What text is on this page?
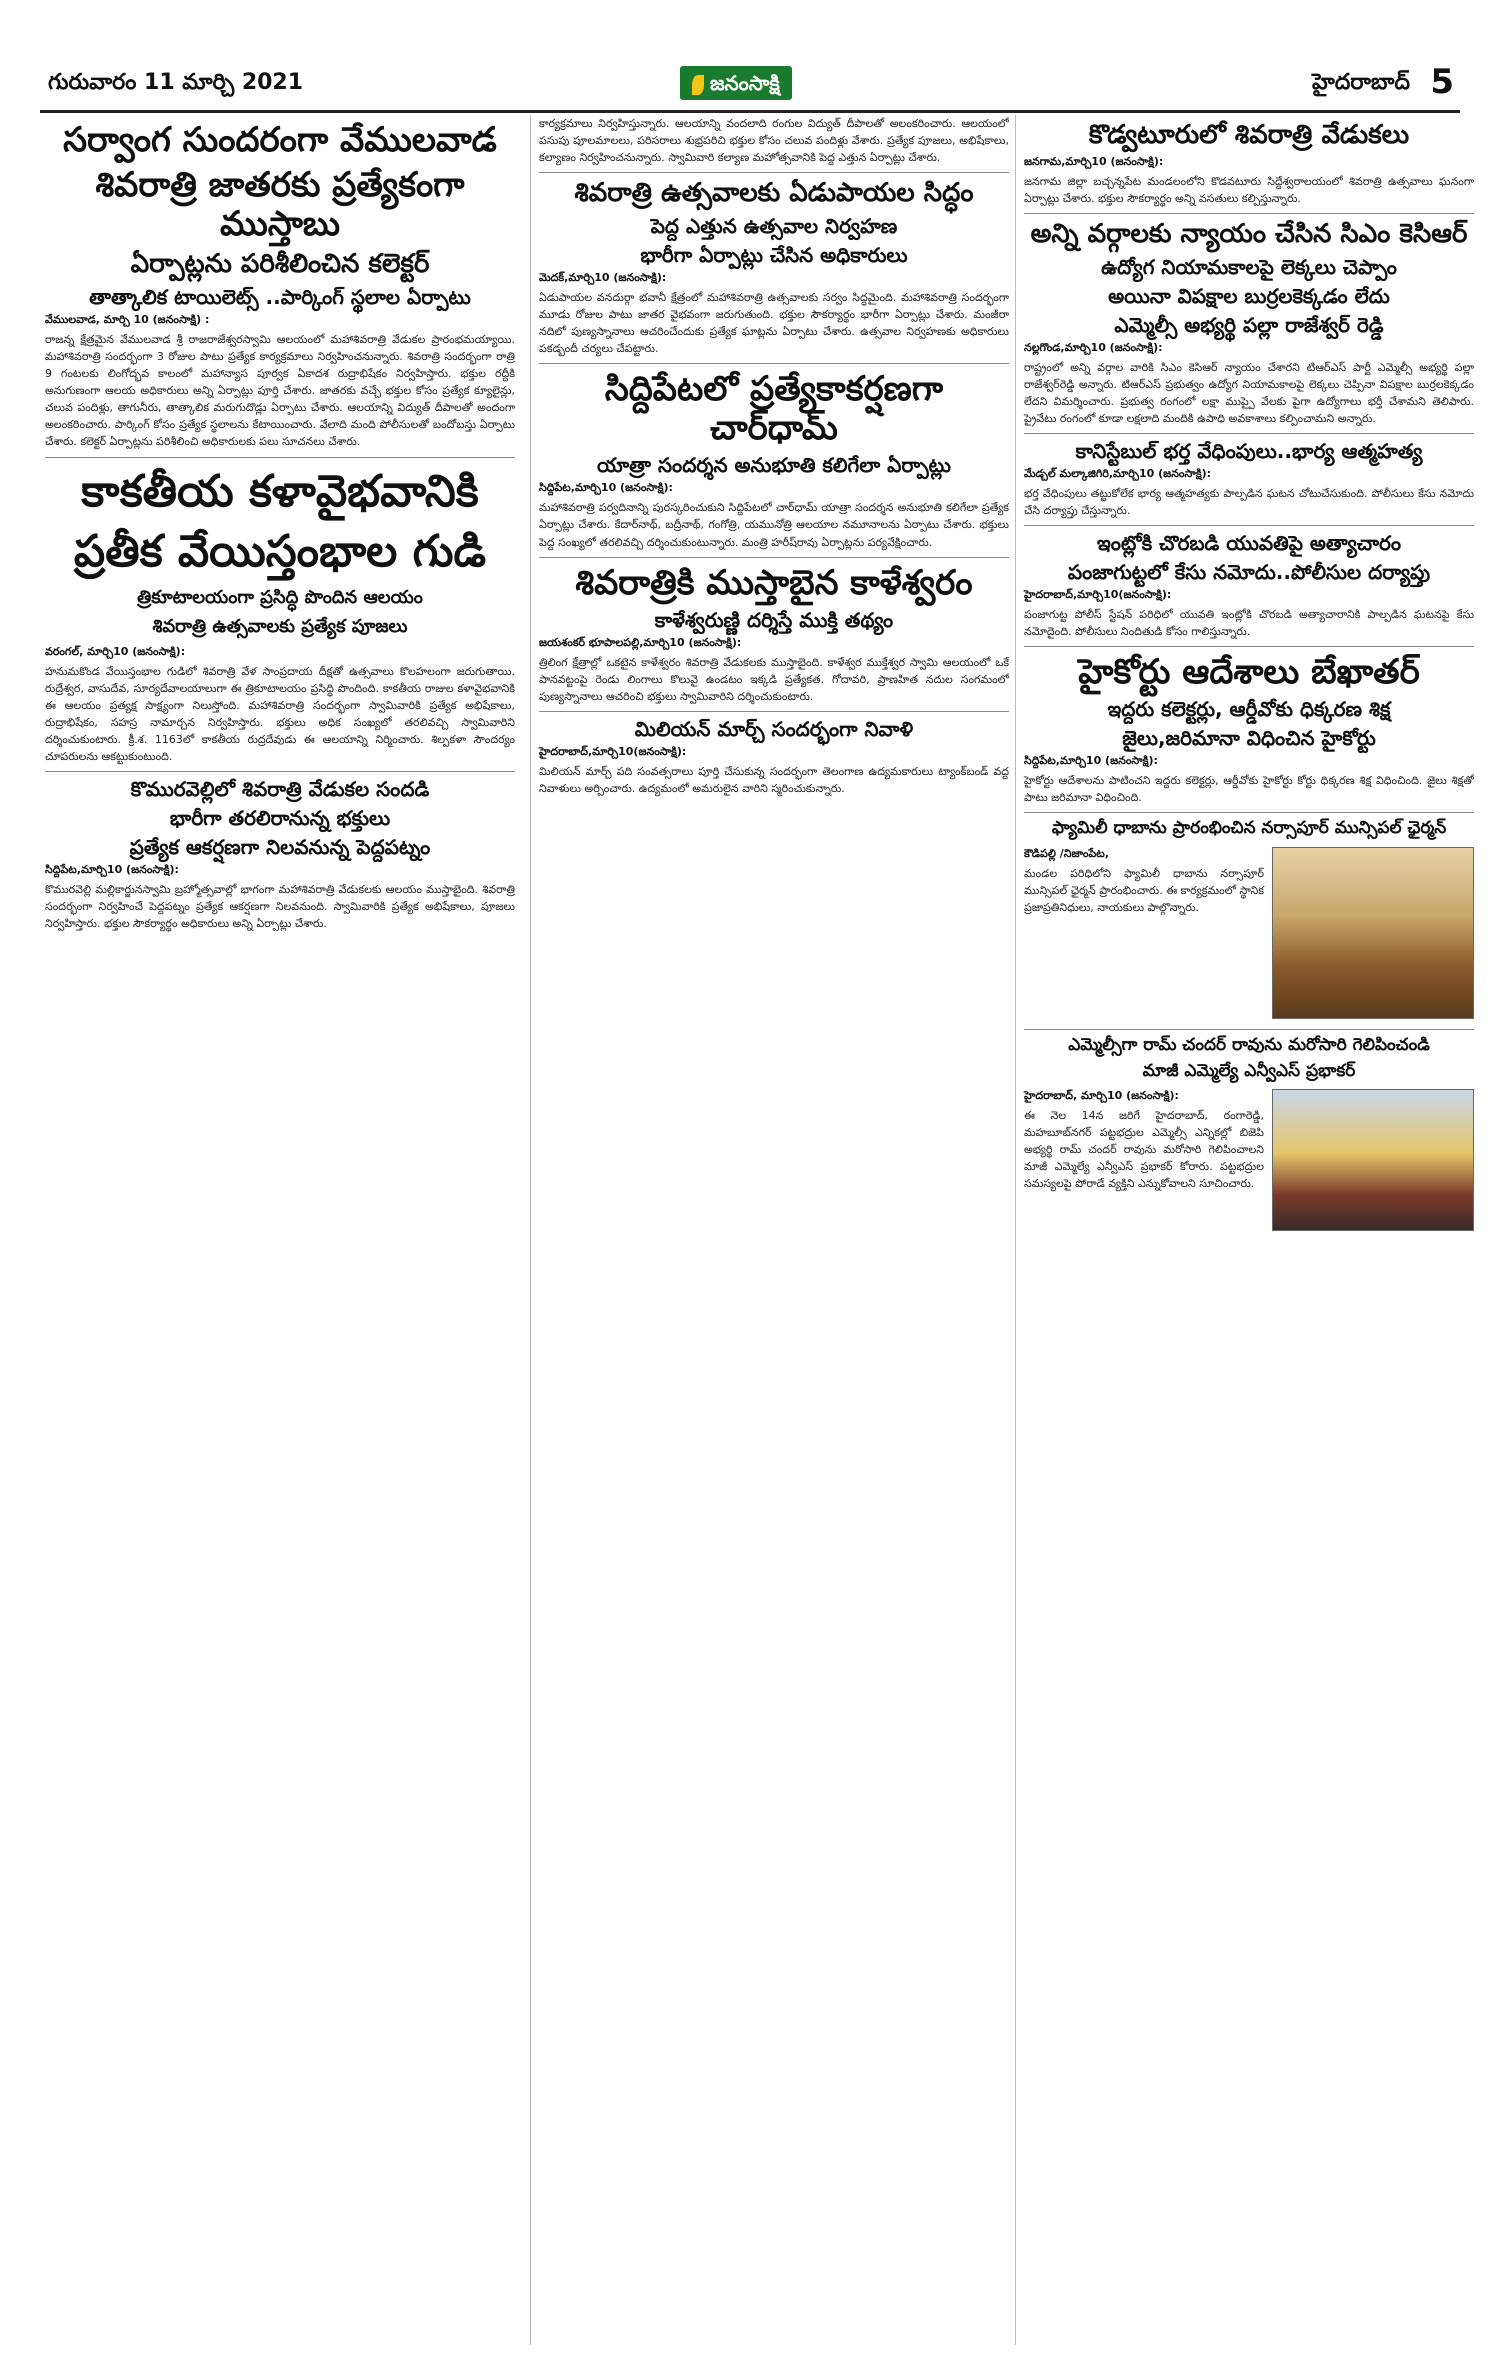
గురువారం 11 మార్చి 2021	జనంసాక్షి	హైదరాబాద్ 5
సర్వాంగ సుందరంగా వేములవాడ
శివరాత్రి జాతరకు ప్రత్యేకంగా ముస్తాబు
ఏర్పాట్లను పరిశీలించిన కలెక్టర్
తాత్కాలిక టాయిలెట్స్ ..పార్కింగ్ స్థలాల ఏర్పాటు
వేములవాడ, మార్చి 10 (జనంసాక్షి) :

రాజన్న క్షేత్రమైన వేములవాడ శ్రీ రాజరాజేశ్వరస్వామి ఆలయంలో మహాశివరాత్రి వేడుకల ప్రారంభమయ్యాయి. మహాశివరాత్రి సందర్భంగా 3 రోజుల పాటు ప్రత్యేక కార్యక్రమాలు నిర్వహించనున్నారు. శివరాత్రి సందర్భంగా రాత్రి 9 గంటలకు లింగోద్భవ కాలంలో మహాన్యాస పూర్వక ఏకాదశ రుద్రాభిషేకం నిర్వహిస్తారు. భక్తుల రద్దీకి అనుగుణంగా ఆలయ అధికారులు అన్ని ఏర్పాట్లు పూర్తి చేశారు. జాతరకు వచ్చే భక్తుల కోసం ప్రత్యేక క్యూలైన్లు, చలువ పందిళ్లు, తాగునీరు, తాత్కాలిక మరుగుదొడ్లు ఏర్పాటు చేశారు. ఆలయాన్ని విద్యుత్ దీపాలతో అందంగా అలంకరించారు. పార్కింగ్ కోసం ప్రత్యేక స్థలాలను కేటాయించారు. వేలాది మంది పోలీసులతో బందోబస్తు ఏర్పాటు చేశారు. కలెక్టర్ ఏర్పాట్లను పరిశీలించి అధికారులకు పలు సూచనలు చేశారు.

కాకతీయ కళావైభవానికి
ప్రతీక వేయిస్తంభాల గుడి
త్రికూటాలయంగా ప్రసిద్ధి పొందిన ఆలయం
శివరాత్రి ఉత్సవాలకు ప్రత్యేక పూజలు
వరంగల్, మార్చి10 (జనంసాక్షి):

హనుమకొండ వేయిస్తంభాల గుడిలో శివరాత్రి వేళ సాంప్రదాయ దీక్షతో ఉత్సవాలు కొలహలంగా జరుగుతాయి. రుద్రేశ్వర, వాసుదేవ, సూర్యదేవాలయాలుగా ఈ త్రికూటాలయం ప్రసిద్ధి పొందింది. కాకతీయ రాజుల కళావైభవానికి ఈ ఆలయం ప్రత్యక్ష సాక్ష్యంగా నిలుస్తోంది. మహాశివరాత్రి సందర్భంగా స్వామివారికి ప్రత్యేక అభిషేకాలు, రుద్రాభిషేకం, సహస్ర నామార్చన నిర్వహిస్తారు. భక్తులు అధిక సంఖ్యలో తరలివచ్చి స్వామివారిని దర్శించుకుంటారు. క్రీ.శ. 1163లో కాకతీయ రుద్రదేవుడు ఈ ఆలయాన్ని నిర్మించారు. శిల్పకళా సౌందర్యం చూపరులను ఆకట్టుకుంటుంది.

కొమురవెల్లిలో శివరాత్రి వేడుకల సందడి
భారీగా తరలిరానున్న భక్తులు
ప్రత్యేక ఆకర్షణగా నిలవనున్న పెద్దపట్నం
సిద్దిపేట,మార్చి10 (జనంసాక్షి):

కొమురవెల్లి మల్లికార్జునస్వామి బ్రహ్మోత్సవాల్లో భాగంగా మహాశివరాత్రి వేడుకలకు ఆలయం ముస్తాబైంది. శివరాత్రి సందర్భంగా నిర్వహించే పెద్దపట్నం ప్రత్యేక ఆకర్షణగా నిలవనుంది. స్వామివారికి ప్రత్యేక అభిషేకాలు, పూజలు నిర్వహిస్తారు. భక్తుల సౌకర్యార్థం అధికారులు అన్ని ఏర్పాట్లు చేశారు.

కార్యక్రమాలు నిర్వహిస్తున్నారు. ఆలయాన్ని వందలాది రంగుల విద్యుత్ దీపాలతో అలంకరించారు. ఆలయంలో పసుపు పూలమాలలు, పరిసరాలు శుభ్రపరిచి భక్తుల కోసం చలువ పందిళ్లు వేశారు. ప్రత్యేక పూజలు, అభిషేకాలు, కల్యాణం నిర్వహించనున్నారు. స్వామివారి కల్యాణ మహోత్సవానికి పెద్ద ఎత్తున ఏర్పాట్లు చేశారు.

శివరాత్రి ఉత్సవాలకు ఏడుపాయల సిద్ధం
పెద్ద ఎత్తున ఉత్సవాల నిర్వహణ
భారీగా ఏర్పాట్లు చేసిన అధికారులు
మెదక్,మార్చి10 (జనంసాక్షి):

ఏడుపాయల వనదుర్గా భవానీ క్షేత్రంలో మహాశివరాత్రి ఉత్సవాలకు సర్వం సిద్ధమైంది. మహాశివరాత్రి సందర్భంగా మూడు రోజుల పాటు జాతర వైభవంగా జరుగుతుంది. భక్తుల సౌకర్యార్థం భారీగా ఏర్పాట్లు చేశారు. మంజీరా నదిలో పుణ్యస్నానాలు ఆచరించేందుకు ప్రత్యేక ఘాట్లను ఏర్పాటు చేశారు. ఉత్సవాల నిర్వహణకు అధికారులు పకడ్బందీ చర్యలు చేపట్టారు.

సిద్దిపేటలో ప్రత్యేకాకర్షణగా చార్‌ధామ్
యాత్రా సందర్శన అనుభూతి కలిగేలా ఏర్పాట్లు
సిద్దిపేట,మార్చి10 (జనంసాక్షి):

మహాశివరాత్రి పర్వదినాన్ని పురస్కరించుకుని సిద్దిపేటలో చార్‌ధామ్ యాత్రా సందర్శన అనుభూతి కలిగేలా ప్రత్యేక ఏర్పాట్లు చేశారు. కేదార్‌నాథ్, బద్రీనాథ్, గంగోత్రి, యమునోత్రి ఆలయాల నమూనాలను ఏర్పాటు చేశారు. భక్తులు పెద్ద సంఖ్యలో తరలివచ్చి దర్శించుకుంటున్నారు. మంత్రి హరీష్‌రావు ఏర్పాట్లను పర్యవేక్షించారు.

శివరాత్రికి ముస్తాబైన కాళేశ్వరం
కాళేశ్వరుణ్ణి దర్శిస్తే ముక్తి తథ్యం
జయశంకర్ భూపాలపల్లి,మార్చి10 (జనంసాక్షి):

త్రిలింగ క్షేత్రాల్లో ఒకటైన కాళేశ్వరం శివరాత్రి వేడుకలకు ముస్తాబైంది. కాళేశ్వర ముక్తేశ్వర స్వామి ఆలయంలో ఒకే పానవట్టంపై రెండు లింగాలు కొలువై ఉండటం ఇక్కడి ప్రత్యేకత. గోదావరి, ప్రాణహిత నదుల సంగమంలో పుణ్యస్నానాలు ఆచరించి భక్తులు స్వామివారిని దర్శించుకుంటారు.

మిలియన్ మార్చ్ సందర్భంగా నివాళి
హైదరాబాద్,మార్చి10(జనంసాక్షి):

మిలియన్ మార్చ్ పది సంవత్సరాలు పూర్తి చేసుకున్న సందర్భంగా తెలంగాణ ఉద్యమకారులు ట్యాంక్‌బండ్ వద్ద నివాళులు అర్పించారు. ఉద్యమంలో అమరులైన వారిని స్మరించుకున్నారు.

కొడ్వటూరులో శివరాత్రి వేడుకలు
జనగామ,మార్చి10 (జనంసాక్షి):

జనగామ జిల్లా బచ్చన్నపేట మండలంలోని కొడవటూరు సిద్దేశ్వరాలయంలో శివరాత్రి ఉత్సవాలు ఘనంగా ఏర్పాట్లు చేశారు. భక్తుల సౌకర్యార్థం అన్ని వసతులు కల్పిస్తున్నారు.

అన్ని వర్గాలకు న్యాయం చేసిన సిఎం కెసిఆర్
ఉద్యోగ నియామకాలపై లెక్కలు చెప్పాం
అయినా విపక్షాల బుర్రలకెక్కడం లేదు
ఎమ్మెల్సీ అభ్యర్థి పల్లా రాజేశ్వర్ రెడ్డి
నల్లగొండ,మార్చి10 (జనంసాక్షి):

రాష్ట్రంలో అన్ని వర్గాల వారికి సిఎం కెసిఆర్ న్యాయం చేశారని టిఆర్ఎస్ పార్టీ ఎమ్మెల్సీ అభ్యర్థి పల్లా రాజేశ్వర్‌రెడ్డి అన్నారు. టిఆర్ఎస్ ప్రభుత్వం ఉద్యోగ నియామకాలపై లెక్కలు చెప్పినా విపక్షాల బుర్రలకెక్కడం లేదని విమర్శించారు. ప్రభుత్వ రంగంలో లక్షా ముప్పై వేలకు పైగా ఉద్యోగాలు భర్తీ చేశామని తెలిపారు. ప్రైవేటు రంగంలో కూడా లక్షలాది మందికి ఉపాధి అవకాశాలు కల్పించామని అన్నారు.

కానిస్టేబుల్ భర్త వేధింపులు..భార్య ఆత్మహత్య
మేడ్చల్ మల్కాజిగిరి,మార్చి10 (జనంసాక్షి):

భర్త వేధింపులు తట్టుకోలేక భార్య ఆత్మహత్యకు పాల్పడిన ఘటన చోటుచేసుకుంది. పోలీసులు కేసు నమోదు చేసి దర్యాప్తు చేస్తున్నారు.

ఇంట్లోకి చొరబడి యువతిపై అత్యాచారం
పంజాగుట్టలో కేసు నమోదు..పోలీసుల దర్యాప్తు
హైదరాబాద్,మార్చి10(జనంసాక్షి):

పంజాగుట్ట పోలీస్ స్టేషన్ పరిధిలో యువతి ఇంట్లోకి చొరబడి అత్యాచారానికి పాల్పడిన ఘటనపై కేసు నమోదైంది. పోలీసులు నిందితుడి కోసం గాలిస్తున్నారు.

హైకోర్టు ఆదేశాలు బేఖాతర్
ఇద్దరు కలెక్టర్లు, ఆర్డీవోకు ధిక్కరణ శిక్ష
జైలు,జరిమానా విధించిన హైకోర్టు
సిద్దిపేట,మార్చి10 (జనంసాక్షి):

హైకోర్టు ఆదేశాలను పాటించని ఇద్దరు కలెక్టర్లు, ఆర్డీవోకు హైకోర్టు కోర్టు ధిక్కరణ శిక్ష విధించింది. జైలు శిక్షతో పాటు జరిమానా విధించింది.

ఫ్యామిలీ ధాబాను ప్రారంభించిన నర్సాపూర్ మున్సిపల్ ఛైర్మన్
కౌడిపల్లి /నిజాంపేట,

మండల పరిధిలోని ఫ్యామిలీ ధాబాను నర్సాపూర్ మున్సిపల్ ఛైర్మన్ ప్రారంభించారు. ఈ కార్యక్రమంలో స్థానిక ప్రజాప్రతినిధులు, నాయకులు పాల్గొన్నారు.

ఎమ్మెల్సీగా రామ్ చందర్ రావును మరోసారి గెలిపించండి
మాజీ ఎమ్మెల్యే ఎన్వీఎస్ ప్రభాకర్
హైదరాబాద్, మార్చి10 (జనంసాక్షి):

ఈ నెల 14న జరిగే హైదరాబాద్, రంగారెడ్డి, మహబూబ్‌నగర్ పట్టభద్రుల ఎమ్మెల్సీ ఎన్నికల్లో బిజెపి అభ్యర్థి రామ్ చందర్ రావును మరోసారి గెలిపించాలని మాజీ ఎమ్మెల్యే ఎన్వీఎస్ ప్రభాకర్ కోరారు. పట్టభద్రుల సమస్యలపై పోరాడే వ్యక్తిని ఎన్నుకోవాలని సూచించారు.
